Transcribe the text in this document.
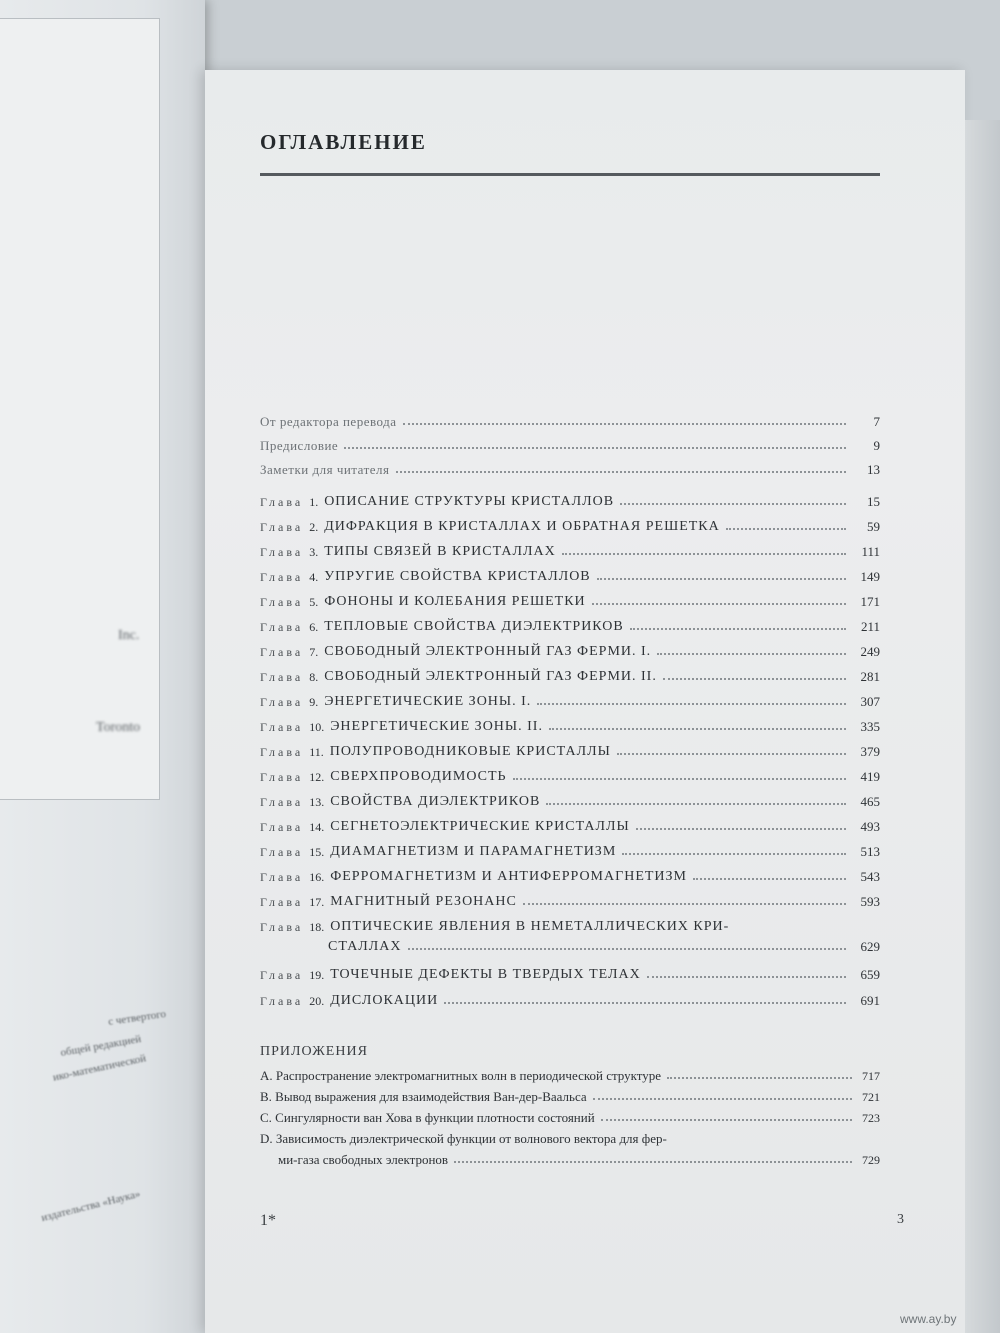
Inc.
Toronto
с четвертого
общей редакцией
ико-математической
издательства «Наука»
ОГЛАВЛЕНИЕ
От редактора перевода	7
Предисловие	9
Заметки для читателя	13
Глава 1. ОПИСАНИЕ СТРУКТУРЫ КРИСТАЛЛОВ	15
Глава 2. ДИФРАКЦИЯ В КРИСТАЛЛАХ И ОБРАТНАЯ РЕШЕТКА	59
Глава 3. ТИПЫ СВЯЗЕЙ В КРИСТАЛЛАХ	111
Глава 4. УПРУГИЕ СВОЙСТВА КРИСТАЛЛОВ	149
Глава 5. ФОНОНЫ И КОЛЕБАНИЯ РЕШЕТКИ	171
Глава 6. ТЕПЛОВЫЕ СВОЙСТВА ДИЭЛЕКТРИКОВ	211
Глава 7. СВОБОДНЫЙ ЭЛЕКТРОННЫЙ ГАЗ ФЕРМИ. I.	249
Глава 8. СВОБОДНЫЙ ЭЛЕКТРОННЫЙ ГАЗ ФЕРМИ. II.	281
Глава 9. ЭНЕРГЕТИЧЕСКИЕ ЗОНЫ. I.	307
Глава 10. ЭНЕРГЕТИЧЕСКИЕ ЗОНЫ. II.	335
Глава 11. ПОЛУПРОВОДНИКОВЫЕ КРИСТАЛЛЫ	379
Глава 12. СВЕРХПРОВОДИМОСТЬ	419
Глава 13. СВОЙСТВА ДИЭЛЕКТРИКОВ	465
Глава 14. СЕГНЕТОЭЛЕКТРИЧЕСКИЕ КРИСТАЛЛЫ	493
Глава 15. ДИАМАГНЕТИЗМ И ПАРАМАГНЕТИЗМ	513
Глава 16. ФЕРРОМАГНЕТИЗМ И АНТИФЕРРОМАГНЕТИЗМ	543
Глава 17. МАГНИТНЫЙ РЕЗОНАНС	593
Глава 18. ОПТИЧЕСКИЕ ЯВЛЕНИЯ В НЕМЕТАЛЛИЧЕСКИХ КРИ-
СТАЛЛАХ	629
Глава 19. ТОЧЕЧНЫЕ ДЕФЕКТЫ В ТВЕРДЫХ ТЕЛАХ	659
Глава 20. ДИСЛОКАЦИИ	691
ПРИЛОЖЕНИЯ
A. Распространение электромагнитных волн в периодической структуре	717
B. Вывод выражения для взаимодействия Ван-дер-Ваальса	721
C. Сингулярности ван Хова в функции плотности состояний	723
D. Зависимость диэлектрической функции от волнового вектора для фер-
ми-газа свободных электронов	729
1*	3
www.ay.by
